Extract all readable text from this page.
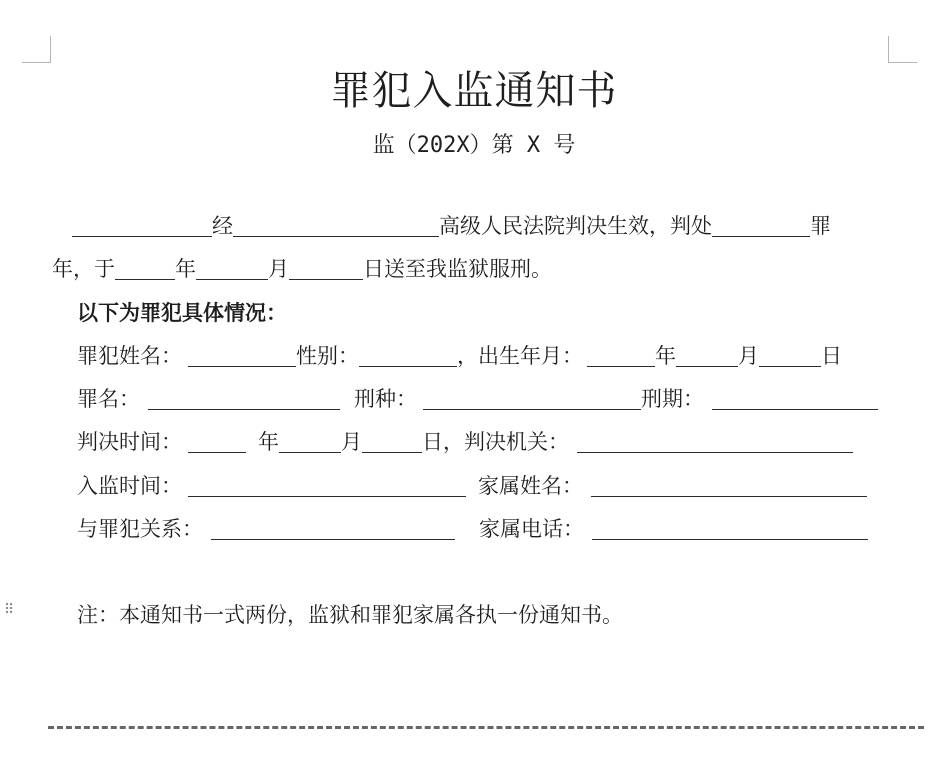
罪犯入监通知书
监（202X）第 X 号
经	高级人民法院判决生效，判处	罪
年，于	年	月	日送至我监狱服刑。
以下为罪犯具体情况：
罪犯姓名：	性别：	，出生年月：	年	月	日
罪名：	刑种：	刑期：
判决时间：	年	月	日，判决机关：
入监时间：	家属姓名：
与罪犯关系：	家属电话：
⠿	注：本通知书一式两份，监狱和罪犯家属各执一份通知书。
